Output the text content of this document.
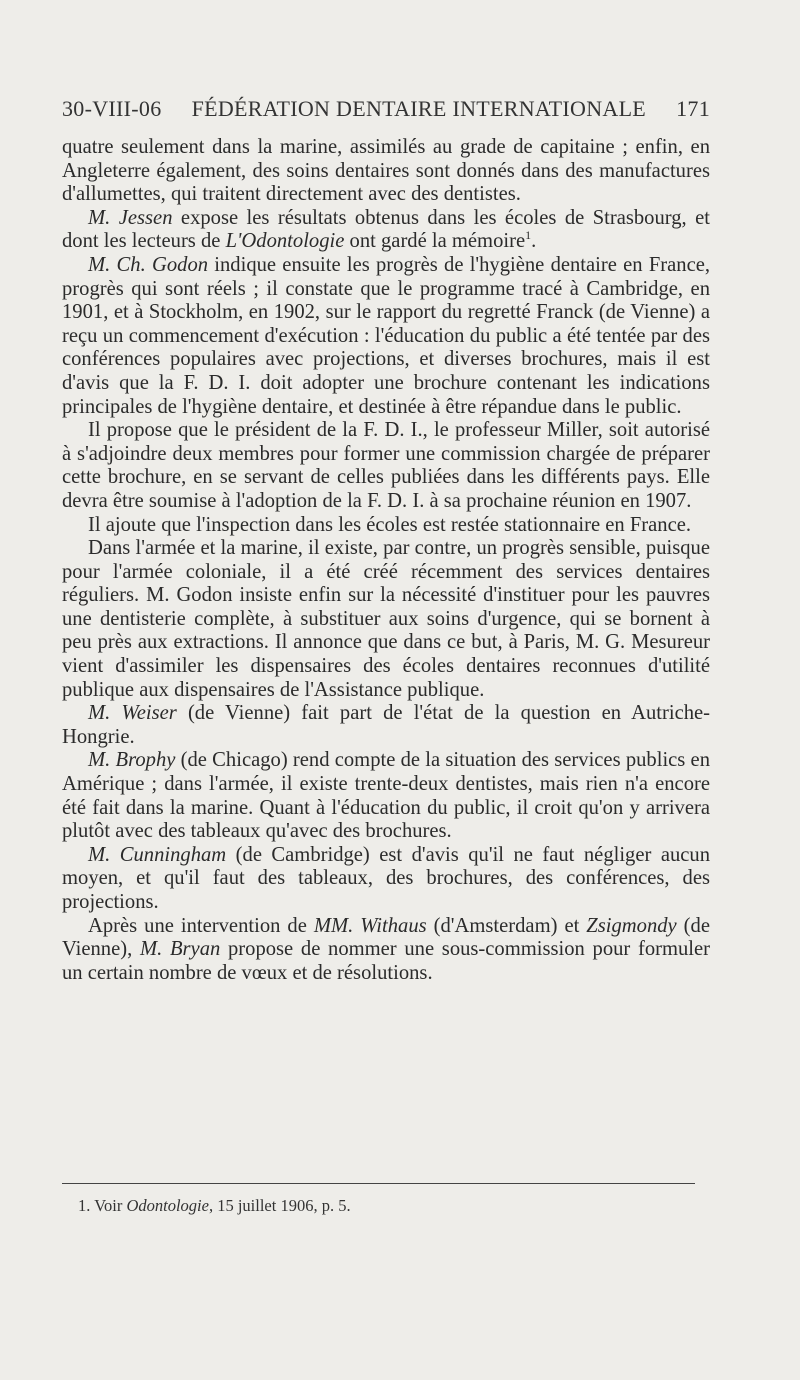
30-VIII-06 FÉDÉRATION DENTAIRE INTERNATIONALE 171

quatre seulement dans la marine, assimilés au grade de capitaine ; enfin, en Angleterre également, des soins dentaires sont donnés dans des manufactures d'allumettes, qui traitent directement avec des dentistes.

M. Jessen expose les résultats obtenus dans les écoles de Strasbourg, et dont les lecteurs de L'Odontologie ont gardé la mémoire$^1$.

M. Ch. Godon indique ensuite les progrès de l'hygiène dentaire en France, progrès qui sont réels ; il constate que le programme tracé à Cambridge, en 1901, et à Stockholm, en 1902, sur le rapport du regretté Franck (de Vienne) a reçu un commencement d'exécution : l'éducation du public a été tentée par des conférences populaires avec projections, et diverses brochures, mais il est d'avis que la F. D. I. doit adopter une brochure contenant les indications principales de l'hygiène dentaire, et destinée à être répandue dans le public.

Il propose que le président de la F. D. I., le professeur Miller, soit autorisé à s'adjoindre deux membres pour former une commission chargée de préparer cette brochure, en se servant de celles publiées dans les différents pays. Elle devra être soumise à l'adoption de la F. D. I. à sa prochaine réunion en 1907.

Il ajoute que l'inspection dans les écoles est restée stationnaire en France.

Dans l'armée et la marine, il existe, par contre, un progrès sensible, puisque pour l'armée coloniale, il a été créé récemment des services dentaires réguliers. M. Godon insiste enfin sur la nécessité d'instituer pour les pauvres une dentisterie complète, à substituer aux soins d'urgence, qui se bornent à peu près aux extractions. Il annonce que dans ce but, à Paris, M. G. Mesureur vient d'assimiler les dispensaires des écoles dentaires reconnues d'utilité publique aux dispensaires de l'Assistance publique.

M. Weiser (de Vienne) fait part de l'état de la question en Autriche-Hongrie.

M. Brophy (de Chicago) rend compte de la situation des services publics en Amérique ; dans l'armée, il existe trente-deux dentistes, mais rien n'a encore été fait dans la marine. Quant à l'éducation du public, il croit qu'on y arrivera plutôt avec des tableaux qu'avec des brochures.

M. Cunningham (de Cambridge) est d'avis qu'il ne faut négliger aucun moyen, et qu'il faut des tableaux, des brochures, des conférences, des projections.

Après une intervention de MM. Withaus (d'Amsterdam) et Zsigmondy (de Vienne), M. Bryan propose de nommer une sous-commission pour formuler un certain nombre de vœux et de résolutions.

1. Voir Odontologie, 15 juillet 1906, p. 5.
